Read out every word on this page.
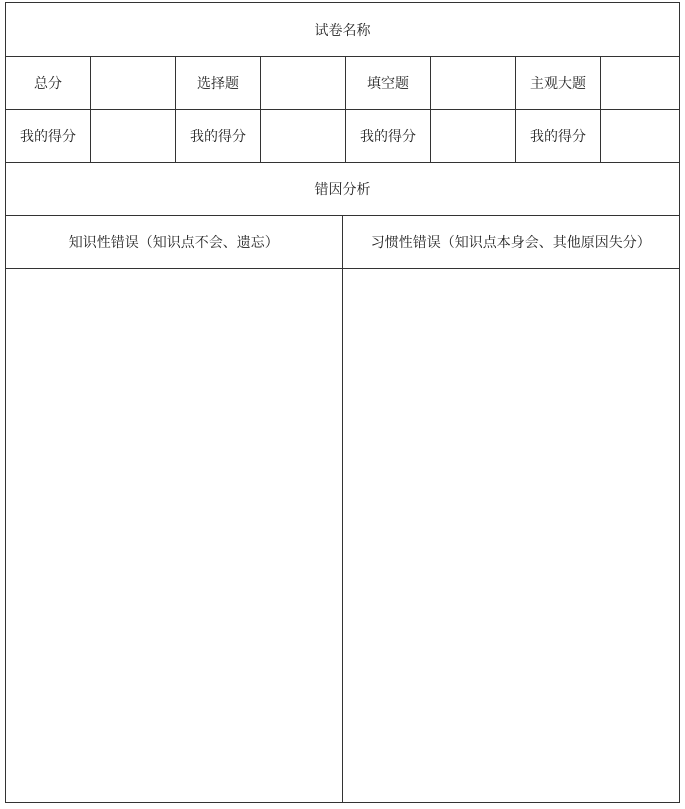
试卷名称
总分	选择题	填空题	主观大题
我的得分	我的得分	我的得分	我的得分
错因分析
知识性错误（知识点不会、遗忘）	习惯性错误（知识点本身会、其他原因失分）
